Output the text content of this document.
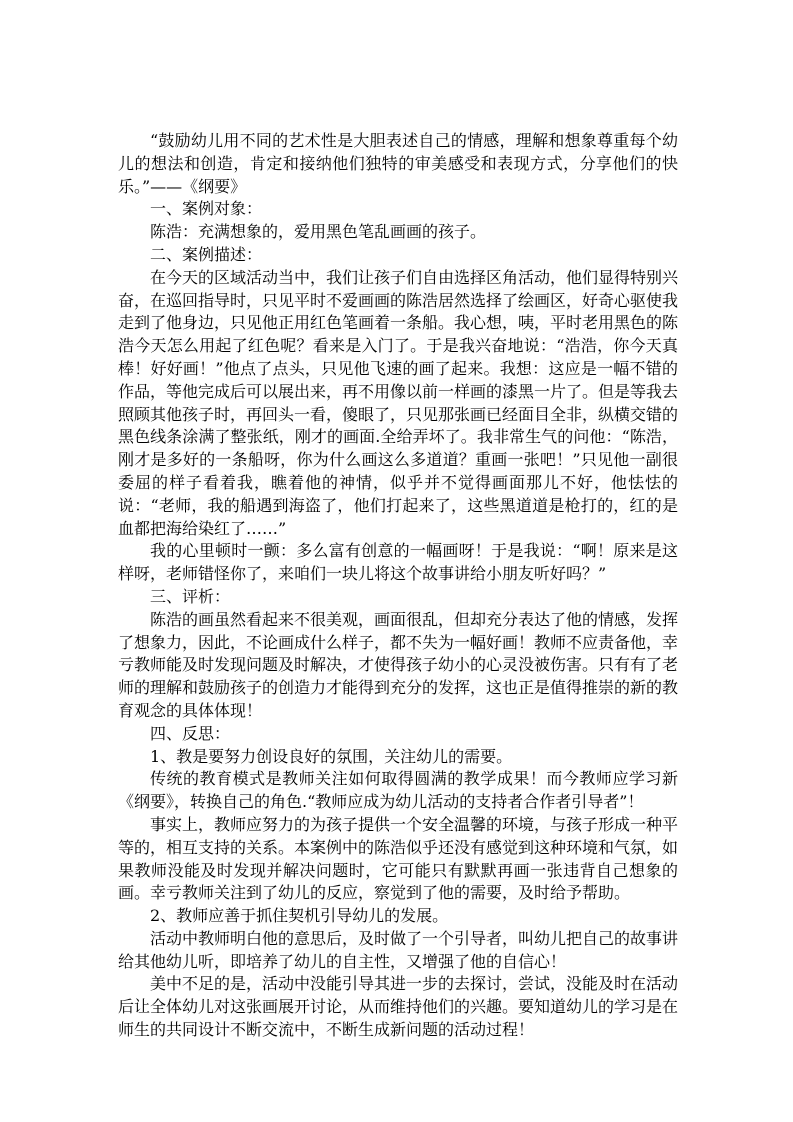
“鼓励幼儿用不同的艺术性是大胆表述自己的情感，理解和想象尊重每个幼儿的想法和创造，肯定和接纳他们独特的审美感受和表现方式，分享他们的快乐。”——《纲要》

一、案例对象：

陈浩：充满想象的，爱用黑色笔乱画画的孩子。

二、案例描述：

在今天的区域活动当中，我们让孩子们自由选择区角活动，他们显得特别兴奋，在巡回指导时，只见平时不爱画画的陈浩居然选择了绘画区，好奇心驱使我走到了他身边，只见他正用红色笔画着一条船。我心想，咦，平时老用黑色的陈浩今天怎么用起了红色呢？看来是入门了。于是我兴奋地说：“浩浩，你今天真棒！好好画！”他点了点头，只见他飞速的画了起来。我想：这应是一幅不错的作品，等他完成后可以展出来，再不用像以前一样画的漆黑一片了。但是等我去照顾其他孩子时，再回头一看，傻眼了，只见那张画已经面目全非，纵横交错的黑色线条涂满了整张纸，刚才的画面.全给弄坏了。我非常生气的问他：“陈浩，刚才是多好的一条船呀，你为什么画这么多道道？重画一张吧！”只见他一副很委屈的样子看着我，瞧着他的神情，似乎并不觉得画面那儿不好，他怯怯的说：“老师，我的船遇到海盗了，他们打起来了，这些黑道道是枪打的，红的是血都把海给染红了……”

我的心里顿时一颤：多么富有创意的一幅画呀！于是我说：“啊！原来是这样呀，老师错怪你了，来咱们一块儿将这个故事讲给小朋友听好吗？”

三、评析：

陈浩的画虽然看起来不很美观，画面很乱，但却充分表达了他的情感，发挥了想象力，因此，不论画成什么样子，都不失为一幅好画！教师不应责备他，幸亏教师能及时发现问题及时解决，才使得孩子幼小的心灵没被伤害。只有有了老师的理解和鼓励孩子的创造力才能得到充分的发挥，这也正是值得推崇的新的教育观念的具体体现！

四、反思：

1、教是要努力创设良好的氛围，关注幼儿的需要。

传统的教育模式是教师关注如何取得圆满的教学成果！而今教师应学习新《纲要》，转换自己的角色.“教师应成为幼儿活动的支持者合作者引导者”！

事实上，教师应努力的为孩子提供一个安全温馨的环境，与孩子形成一种平等的，相互支持的关系。本案例中的陈浩似乎还没有感觉到这种环境和气氛，如果教师没能及时发现并解决问题时，它可能只有默默再画一张违背自己想象的画。幸亏教师关注到了幼儿的反应，察觉到了他的需要，及时给予帮助。

2、教师应善于抓住契机引导幼儿的发展。

活动中教师明白他的意思后，及时做了一个引导者，叫幼儿把自己的故事讲给其他幼儿听，即培养了幼儿的自主性，又增强了他的自信心！

美中不足的是，活动中没能引导其进一步的去探讨，尝试，没能及时在活动后让全体幼儿对这张画展开讨论，从而维持他们的兴趣。要知道幼儿的学习是在师生的共同设计不断交流中，不断生成新问题的活动过程！
